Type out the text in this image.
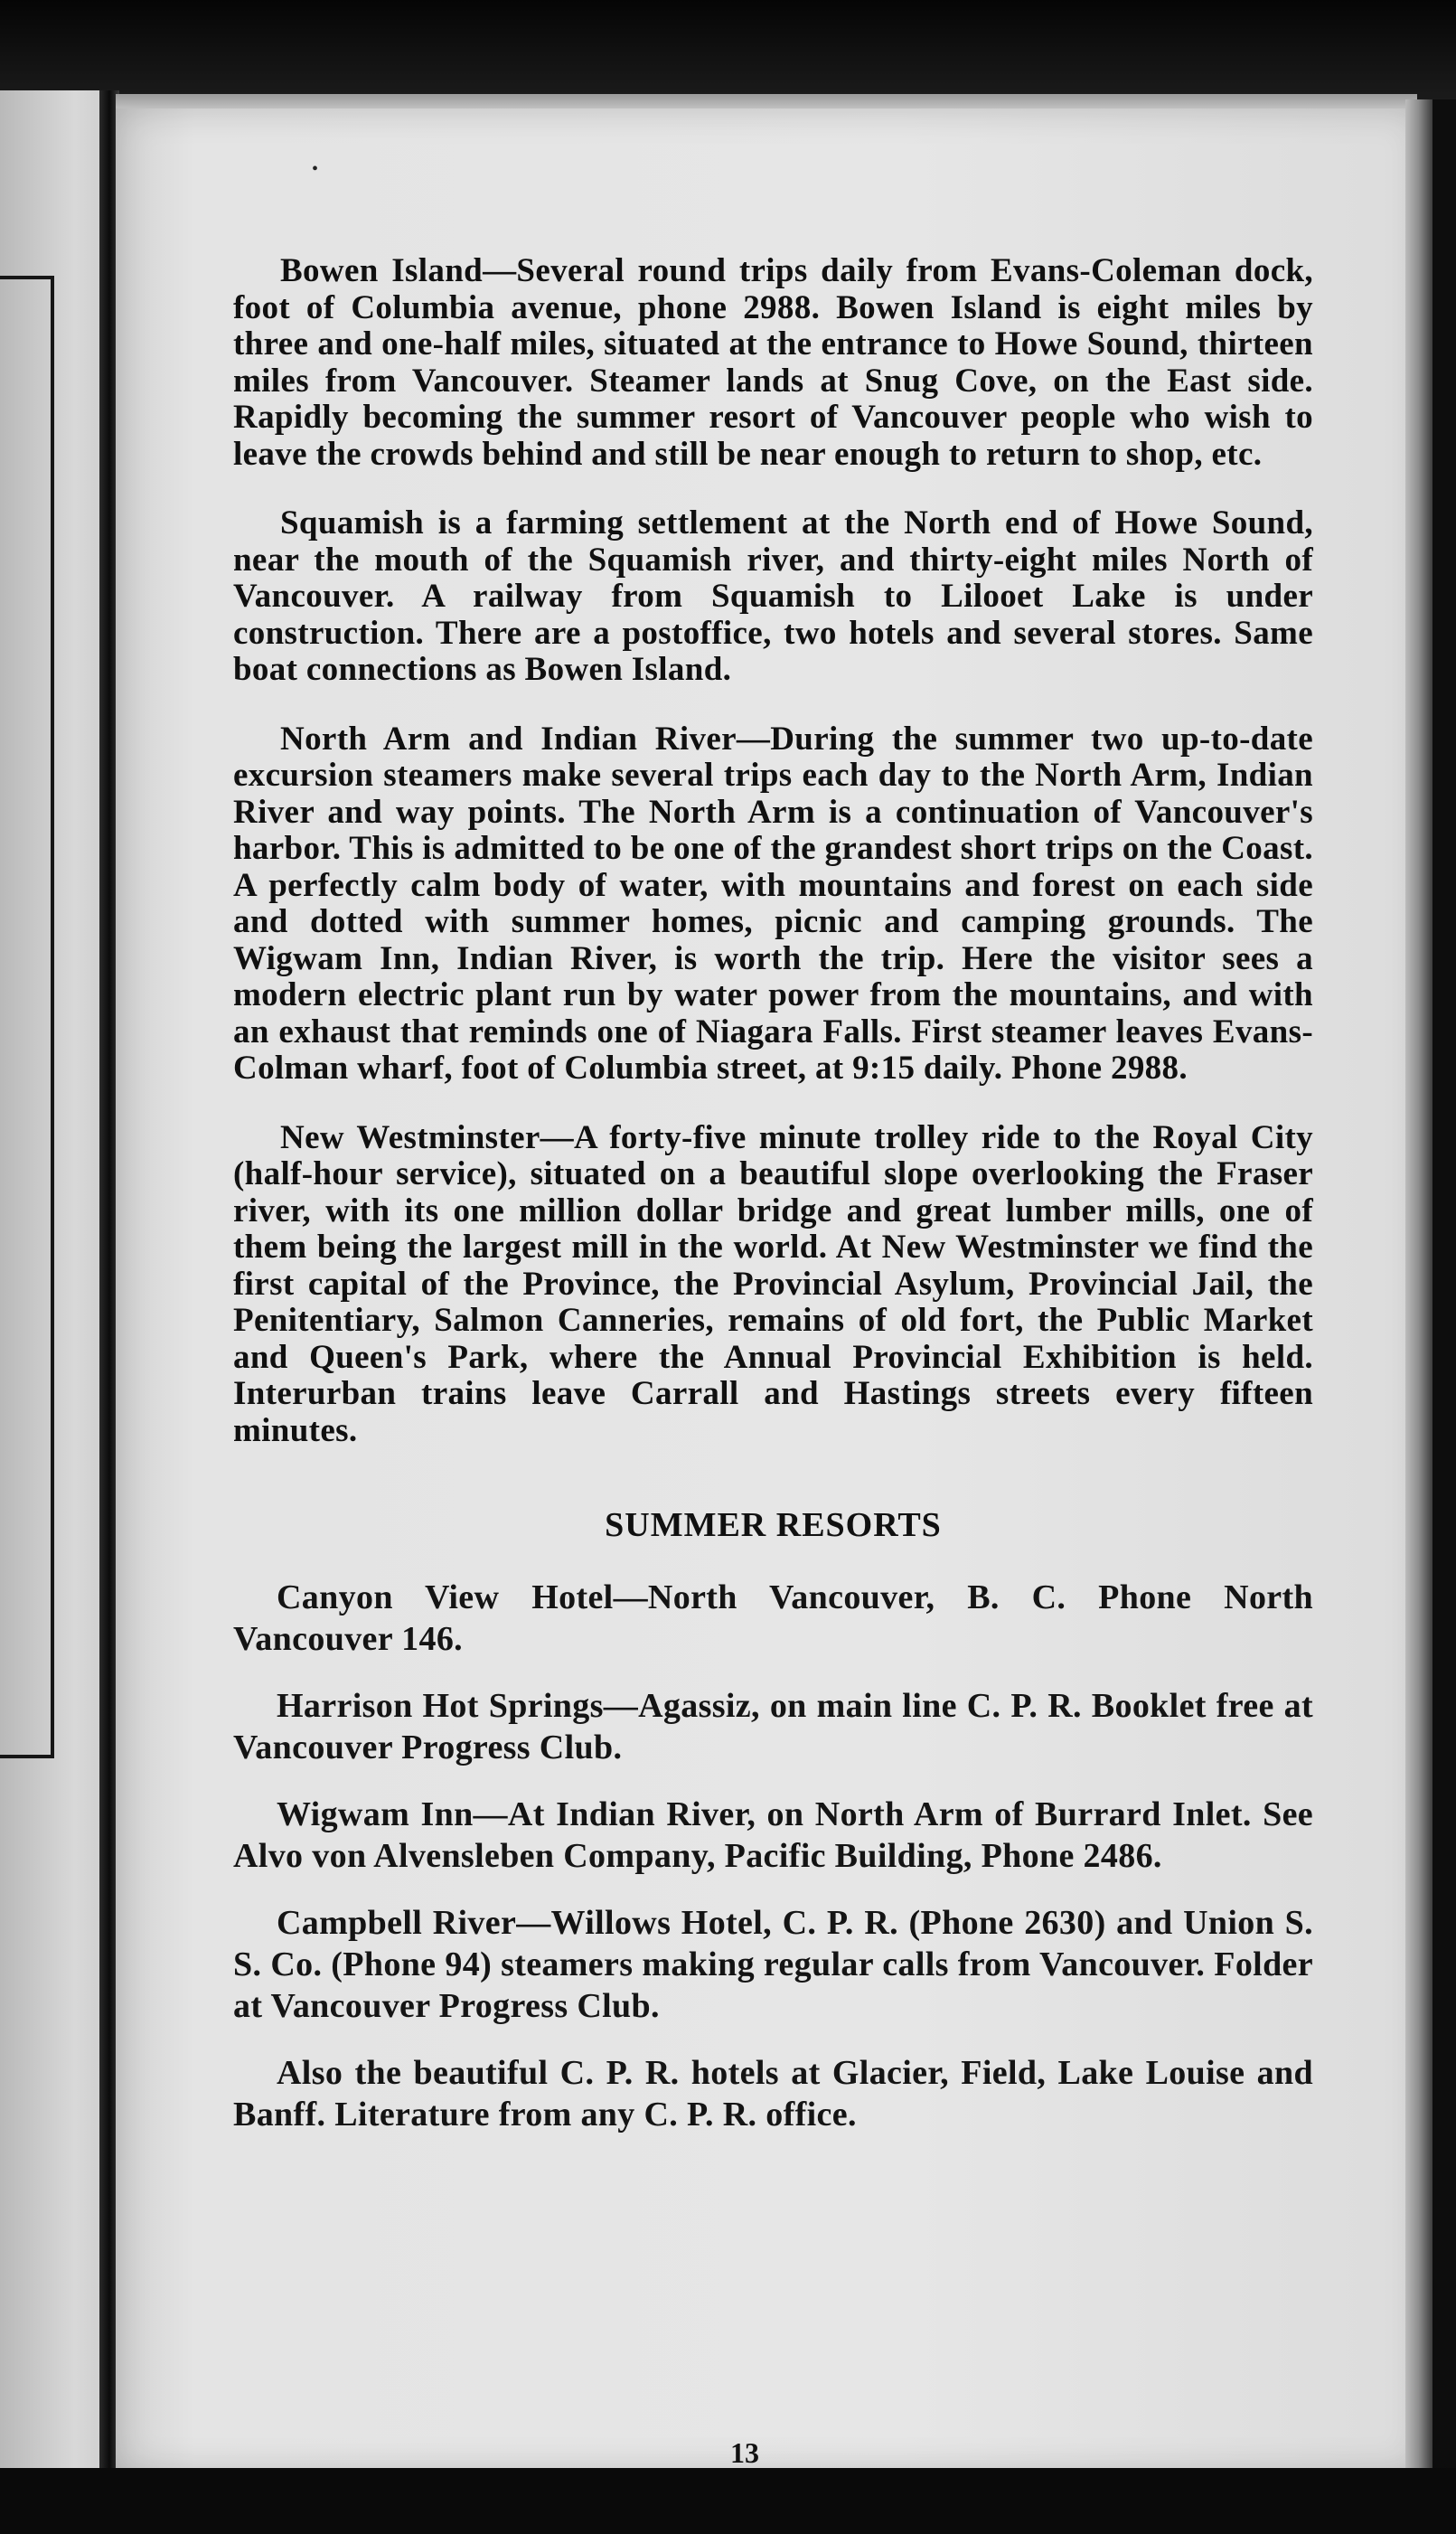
•

Bowen Island—Several round trips daily from Evans-Coleman dock, foot of Columbia avenue, phone 2988. Bowen Island is eight miles by three and one-half miles, situated at the entrance to Howe Sound, thirteen miles from Vancouver. Steamer lands at Snug Cove, on the East side. Rapidly becoming the summer resort of Vancouver people who wish to leave the crowds behind and still be near enough to return to shop, etc.

Squamish is a farming settlement at the North end of Howe Sound, near the mouth of the Squamish river, and thirty-eight miles North of Vancouver. A railway from Squamish to Lilooet Lake is under construction. There are a postoffice, two hotels and several stores. Same boat connections as Bowen Island.

North Arm and Indian River—During the summer two up-to-date excursion steamers make several trips each day to the North Arm, Indian River and way points. The North Arm is a continuation of Vancouver's harbor. This is admitted to be one of the grandest short trips on the Coast. A perfectly calm body of water, with mountains and forest on each side and dotted with summer homes, picnic and camping grounds. The Wigwam Inn, Indian River, is worth the trip. Here the visitor sees a modern electric plant run by water power from the mountains, and with an exhaust that reminds one of Niagara Falls. First steamer leaves Evans-Colman wharf, foot of Columbia street, at 9:15 daily. Phone 2988.

New Westminster—A forty-five minute trolley ride to the Royal City (half-hour service), situated on a beautiful slope overlooking the Fraser river, with its one million dollar bridge and great lumber mills, one of them being the largest mill in the world. At New Westminster we find the first capital of the Province, the Provincial Asylum, Provincial Jail, the Penitentiary, Salmon Canneries, remains of old fort, the Public Market and Queen's Park, where the Annual Provincial Exhibition is held. Interurban trains leave Carrall and Hastings streets every fifteen minutes.

SUMMER RESORTS

Canyon View Hotel—North Vancouver, B. C. Phone North Vancouver 146.

Harrison Hot Springs—Agassiz, on main line C. P. R. Booklet free at Vancouver Progress Club.

Wigwam Inn—At Indian River, on North Arm of Burrard Inlet. See Alvo von Alvensleben Company, Pacific Building, Phone 2486.

Campbell River—Willows Hotel, C. P. R. (Phone 2630) and Union S. S. Co. (Phone 94) steamers making regular calls from Vancouver. Folder at Vancouver Progress Club.

Also the beautiful C. P. R. hotels at Glacier, Field, Lake Louise and Banff. Literature from any C. P. R. office.

13
